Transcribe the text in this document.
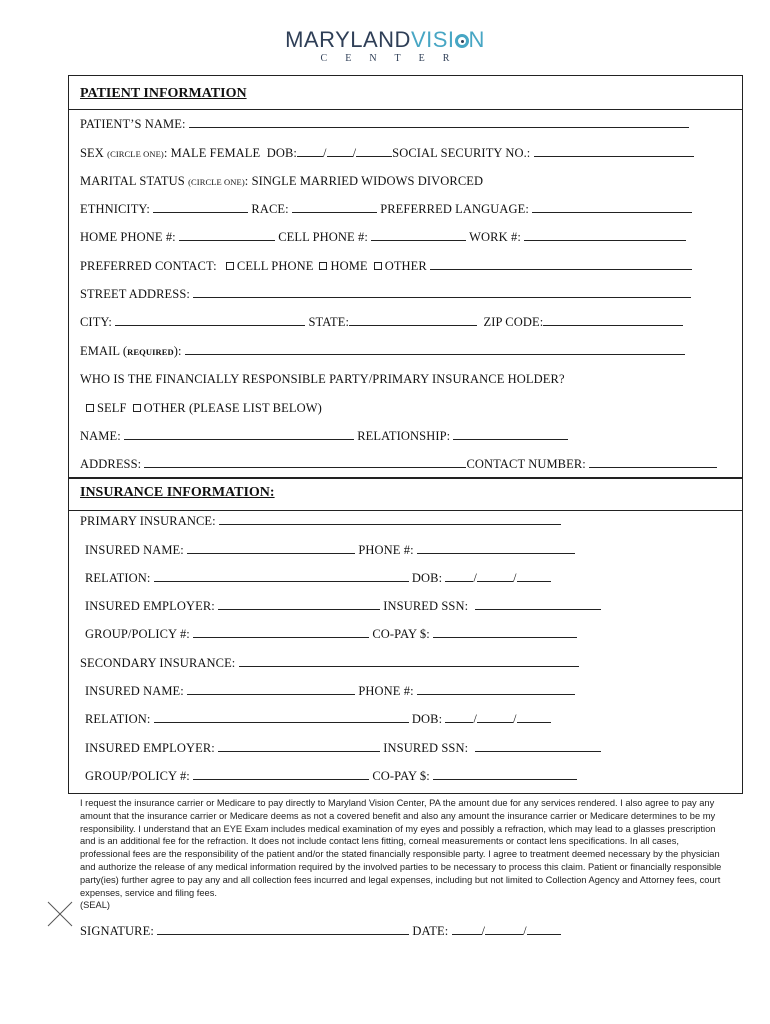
MARYLANDVISI N
CENTER
PATIENT INFORMATION
PATIENT’S NAME:
SEX (CIRCLE ONE): MALE FEMALE  DOB: / /	SOCIAL SECURITY NO.:
MARITAL STATUS (CIRCLE ONE): SINGLE MARRIED WIDOWS DIVORCED
ETHNICITY:	RACE:	PREFERRED LANGUAGE:
HOME PHONE #:	CELL PHONE #:	WORK #:
PREFERRED CONTACT: CELL PHONE HOME OTHER
STREET ADDRESS:
CITY:	STATE:	ZIP CODE:
EMAIL (REQUIRED):
WHO IS THE FINANCIALLY RESPONSIBLE PARTY/PRIMARY INSURANCE HOLDER?
SELF OTHER (PLEASE LIST BELOW)
NAME:	RELATIONSHIP:
ADDRESS:	CONTACT NUMBER:
INSURANCE INFORMATION:
PRIMARY INSURANCE:
INSURED NAME:	PHONE #:
RELATION:	DOB: /	/
INSURED EMPLOYER:	INSURED SSN:
GROUP/POLICY #:	CO-PAY $:
SECONDARY INSURANCE:
INSURED NAME:	PHONE #:
RELATION:	DOB: /	/
INSURED EMPLOYER:	INSURED SSN:
GROUP/POLICY #:	CO-PAY $:
I request the insurance carrier or Medicare to pay directly to Maryland Vision Center, PA the amount due for any services rendered. I also agree to pay any amount that the insurance carrier or Medicare deems as not a covered benefit and also any amount the insurance carrier or Medicare determines to be my responsibility. I understand that an EYE Exam includes medical examination of my eyes and possibly a refraction, which may lead to a glasses prescription and is an additional fee for the refraction. It does not include contact lens fitting, corneal measurements or contact lens specifications. In all cases, professional fees are the responsibility of the patient and/or the stated financially responsible party. I agree to treatment deemed necessary by the physician and authorize the release of any medical information required by the involved parties to be necessary to process this claim. Patient or financially responsible party(ies) further agree to pay any and all collection fees incurred and legal expenses, including but not limited to Collection Agency and Attorney fees, court expenses, service and filing fees.
(SEAL)
SIGNATURE:	DATE: /	/
